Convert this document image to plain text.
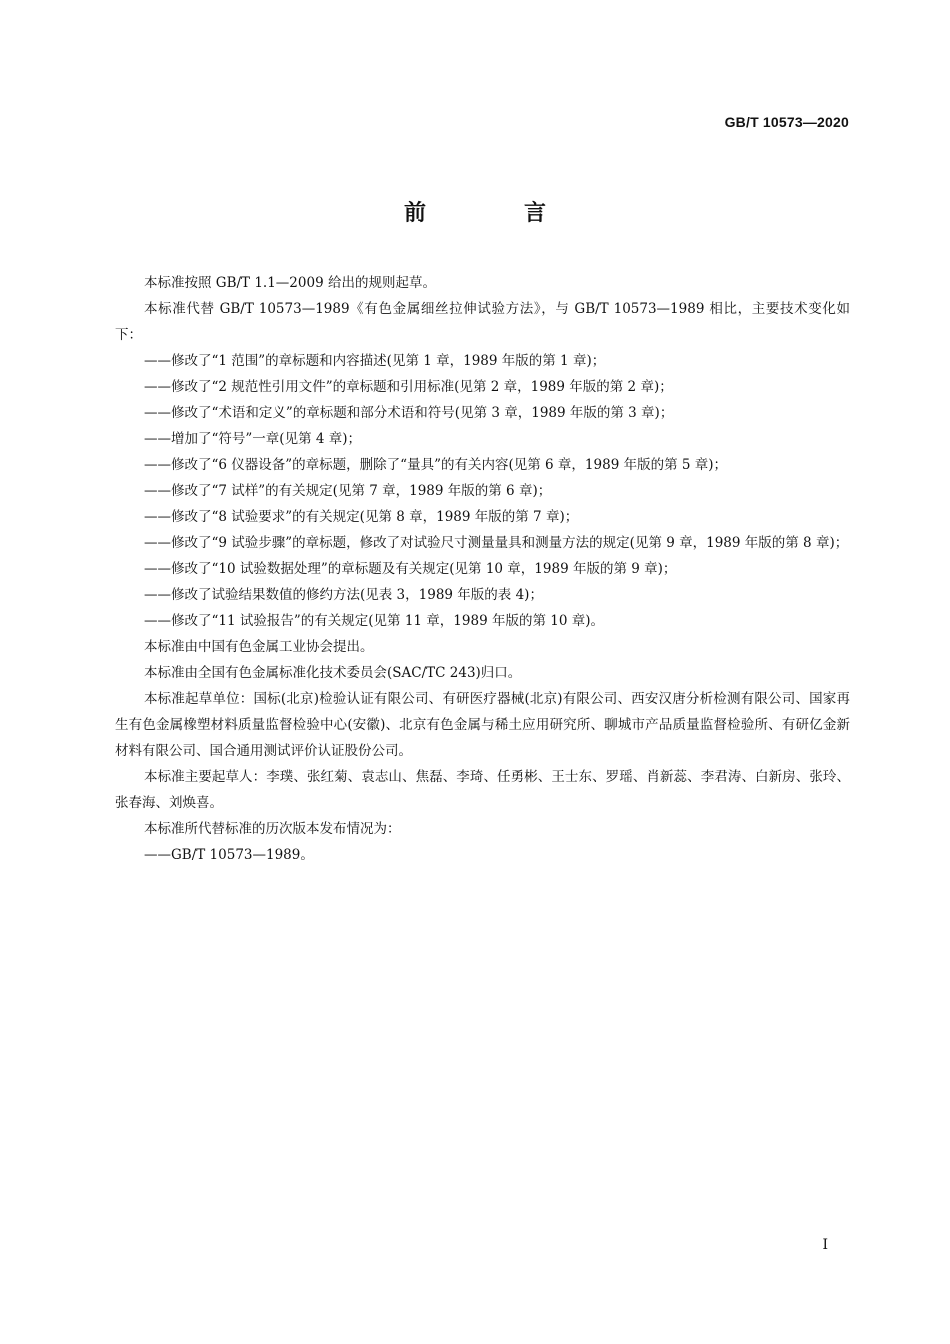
GB/T 10573—2020
前　言

本标准按照 GB/T 1.1—2009 给出的规则起草。

本标准代替 GB/T 10573—1989《有色金属细丝拉伸试验方法》，与 GB/T 10573—1989 相比，主要技术变化如下：

——修改了“1 范围”的章标题和内容描述(见第 1 章，1989 年版的第 1 章)；

——修改了“2 规范性引用文件”的章标题和引用标准(见第 2 章，1989 年版的第 2 章)；

——修改了“术语和定义”的章标题和部分术语和符号(见第 3 章，1989 年版的第 3 章)；

——增加了“符号”一章(见第 4 章)；

——修改了“6 仪器设备”的章标题，删除了“量具”的有关内容(见第 6 章，1989 年版的第 5 章)；

——修改了“7 试样”的有关规定(见第 7 章，1989 年版的第 6 章)；

——修改了“8 试验要求”的有关规定(见第 8 章，1989 年版的第 7 章)；

——修改了“9 试验步骤”的章标题，修改了对试验尺寸测量量具和测量方法的规定(见第 9 章，1989 年版的第 8 章)；

——修改了“10 试验数据处理”的章标题及有关规定(见第 10 章，1989 年版的第 9 章)；

——修改了试验结果数值的修约方法(见表 3，1989 年版的表 4)；

——修改了“11 试验报告”的有关规定(见第 11 章，1989 年版的第 10 章)。

本标准由中国有色金属工业协会提出。

本标准由全国有色金属标准化技术委员会(SAC/TC 243)归口。

本标准起草单位：国标(北京)检验认证有限公司、有研医疗器械(北京)有限公司、西安汉唐分析检测有限公司、国家再生有色金属橡塑材料质量监督检验中心(安徽)、北京有色金属与稀土应用研究所、聊城市产品质量监督检验所、有研亿金新材料有限公司、国合通用测试评价认证股份公司。

本标准主要起草人：李璞、张红菊、袁志山、焦磊、李琦、任勇彬、王士东、罗瑶、肖新蕊、李君涛、白新房、张玲、张春海、刘焕喜。

本标准所代替标准的历次版本发布情况为：

——GB/T 10573—1989。

I
